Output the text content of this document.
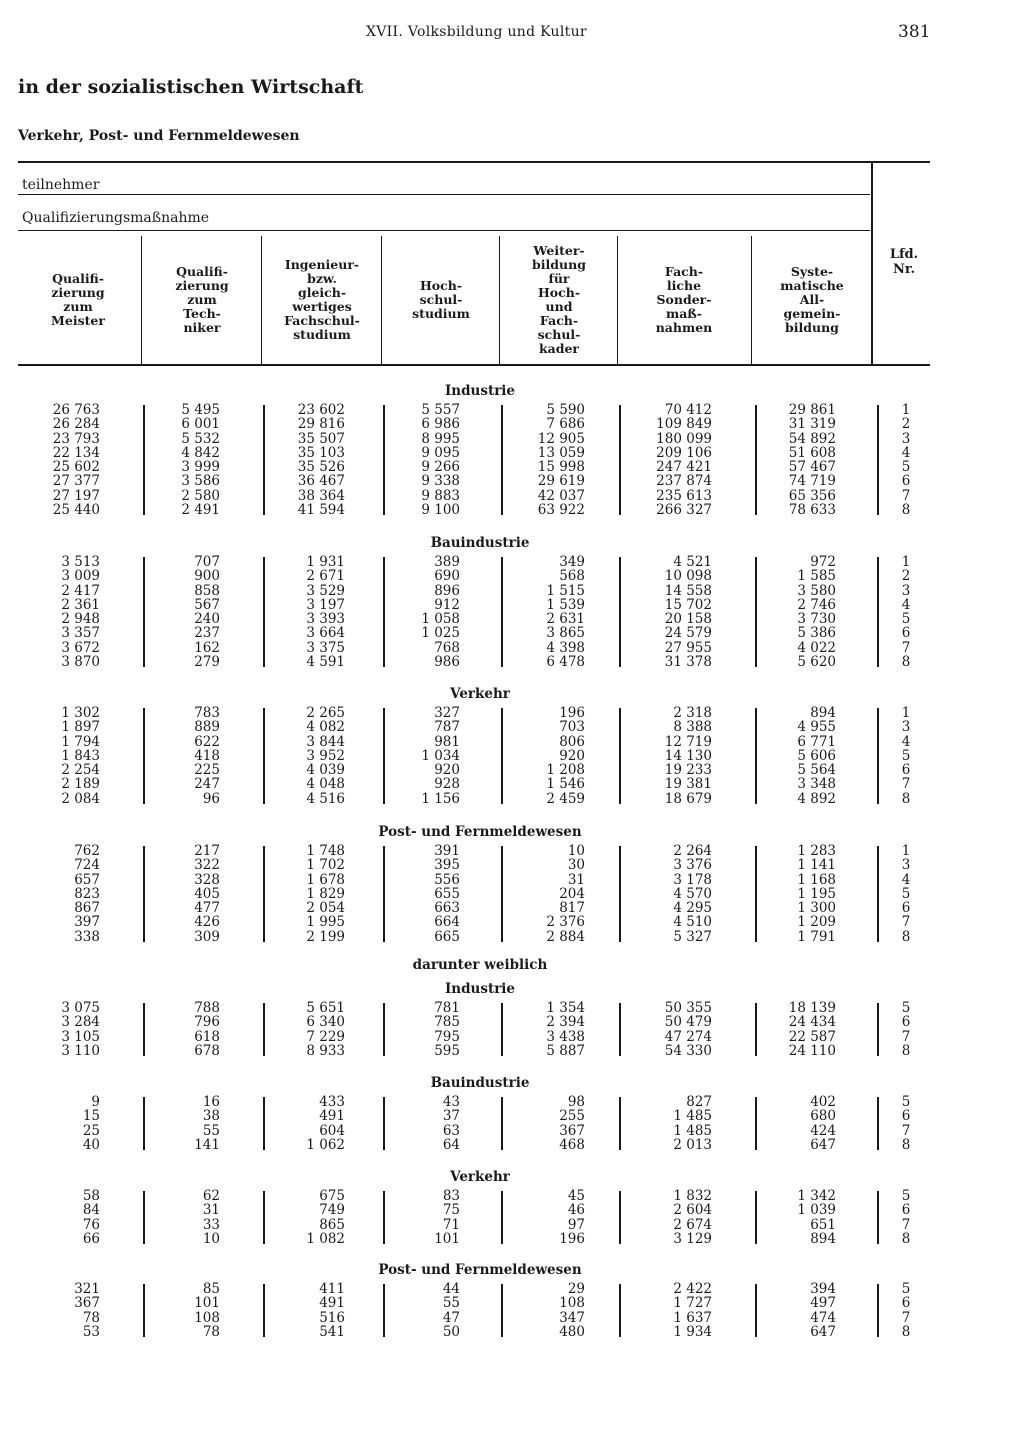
XVII. Volksbildung und Kultur	381
in der sozialistischen Wirtschaft
Verkehr, Post- und Fernmeldewesen
teilnehmer
Qualifizierungsmaßnahme
Qualifi-
zierung
zum
Meister
Qualifi-
zierung
zum
Tech-
niker
Ingenieur-
bzw.
gleich-
wertiges
Fachschul-
studium
Hoch-
schul-
studium
Weiter-
bildung
für
Hoch-
und
Fach-
schul-
kader
Fach-
liche
Sonder-
maß-
nahmen
Syste-
matische
All-
gemein-
bildung
Lfd.
Nr.
Industrie
26 763
26 284
23 793
22 134
25 602
27 377
27 197
25 440
5 495
6 001
5 532
4 842
3 999
3 586
2 580
2 491
23 602
29 816
35 507
35 103
35 526
36 467
38 364
41 594
5 557
6 986
8 995
9 095
9 266
9 338
9 883
9 100
5 590
7 686
12 905
13 059
15 998
29 619
42 037
63 922
70 412
109 849
180 099
209 106
247 421
237 874
235 613
266 327
29 861
31 319
54 892
51 608
57 467
74 719
65 356
78 633
1
2
3
4
5
6
7
8
Bauindustrie
3 513
3 009
2 417
2 361
2 948
3 357
3 672
3 870
707
900
858
567
240
237
162
279
1 931
2 671
3 529
3 197
3 393
3 664
3 375
4 591
389
690
896
912
1 058
1 025
768
986
349
568
1 515
1 539
2 631
3 865
4 398
6 478
4 521
10 098
14 558
15 702
20 158
24 579
27 955
31 378
972
1 585
3 580
2 746
3 730
5 386
4 022
5 620
1
2
3
4
5
6
7
8
Verkehr
1 302
1 897
1 794
1 843
2 254
2 189
2 084
783
889
622
418
225
247
96
2 265
4 082
3 844
3 952
4 039
4 048
4 516
327
787
981
1 034
920
928
1 156
196
703
806
920
1 208
1 546
2 459
2 318
8 388
12 719
14 130
19 233
19 381
18 679
894
4 955
6 771
5 606
5 564
3 348
4 892
1
3
4
5
6
7
8
Post- und Fernmeldewesen
762
724
657
823
867
397
338
217
322
328
405
477
426
309
1 748
1 702
1 678
1 829
2 054
1 995
2 199
391
395
556
655
663
664
665
10
30
31
204
817
2 376
2 884
2 264
3 376
3 178
4 570
4 295
4 510
5 327
1 283
1 141
1 168
1 195
1 300
1 209
1 791
1
3
4
5
6
7
8
darunter weiblich
Industrie
3 075
3 284
3 105
3 110
788
796
618
678
5 651
6 340
7 229
8 933
781
785
795
595
1 354
2 394
3 438
5 887
50 355
50 479
47 274
54 330
18 139
24 434
22 587
24 110
5
6
7
8
Bauindustrie
9
15
25
40
16
38
55
141
433
491
604
1 062
43
37
63
64
98
255
367
468
827
1 485
1 485
2 013
402
680
424
647
5
6
7
8
Verkehr
58
84
76
66
62
31
33
10
675
749
865
1 082
83
75
71
101
45
46
97
196
1 832
2 604
2 674
3 129
1 342
1 039
651
894
5
6
7
8
Post- und Fernmeldewesen
321
367
78
53
85
101
108
78
411
491
516
541
44
55
47
50
29
108
347
480
2 422
1 727
1 637
1 934
394
497
474
647
5
6
7
8
